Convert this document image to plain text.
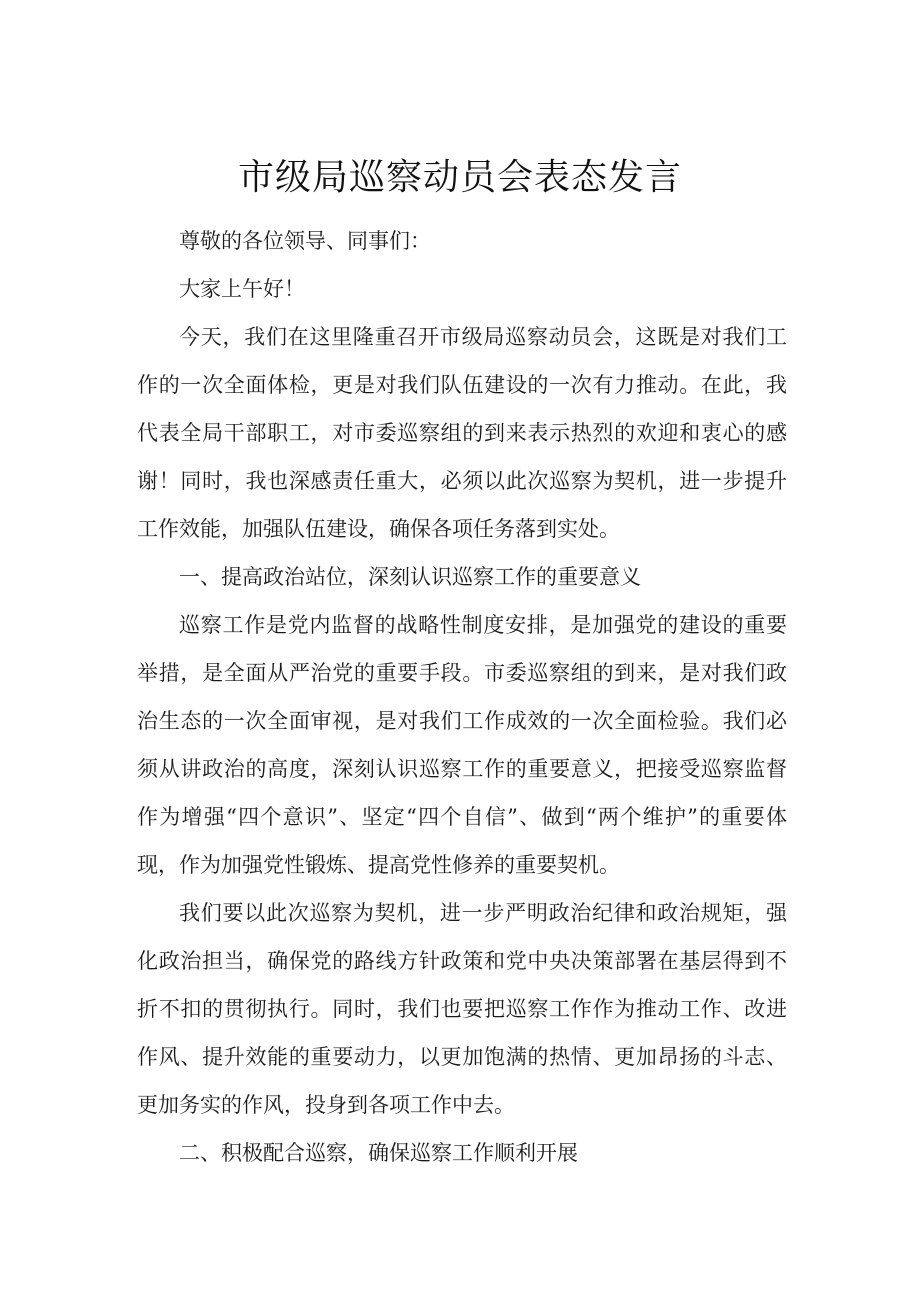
市级局巡察动员会表态发言

尊敬的各位领导、同事们：

大家上午好！

今天，我们在这里隆重召开市级局巡察动员会，这既是对我们工作的一次全面体检，更是对我们队伍建设的一次有力推动。在此，我代表全局干部职工，对市委巡察组的到来表示热烈的欢迎和衷心的感谢！同时，我也深感责任重大，必须以此次巡察为契机，进一步提升工作效能，加强队伍建设，确保各项任务落到实处。

一、提高政治站位，深刻认识巡察工作的重要意义

巡察工作是党内监督的战略性制度安排，是加强党的建设的重要举措，是全面从严治党的重要手段。市委巡察组的到来，是对我们政治生态的一次全面审视，是对我们工作成效的一次全面检验。我们必须从讲政治的高度，深刻认识巡察工作的重要意义，把接受巡察监督作为增强“四个意识”、坚定“四个自信”、做到“两个维护”的重要体现，作为加强党性锻炼、提高党性修养的重要契机。

我们要以此次巡察为契机，进一步严明政治纪律和政治规矩，强化政治担当，确保党的路线方针政策和党中央决策部署在基层得到不折不扣的贯彻执行。同时，我们也要把巡察工作作为推动工作、改进作风、提升效能的重要动力，以更加饱满的热情、更加昂扬的斗志、更加务实的作风，投身到各项工作中去。

二、积极配合巡察，确保巡察工作顺利开展
